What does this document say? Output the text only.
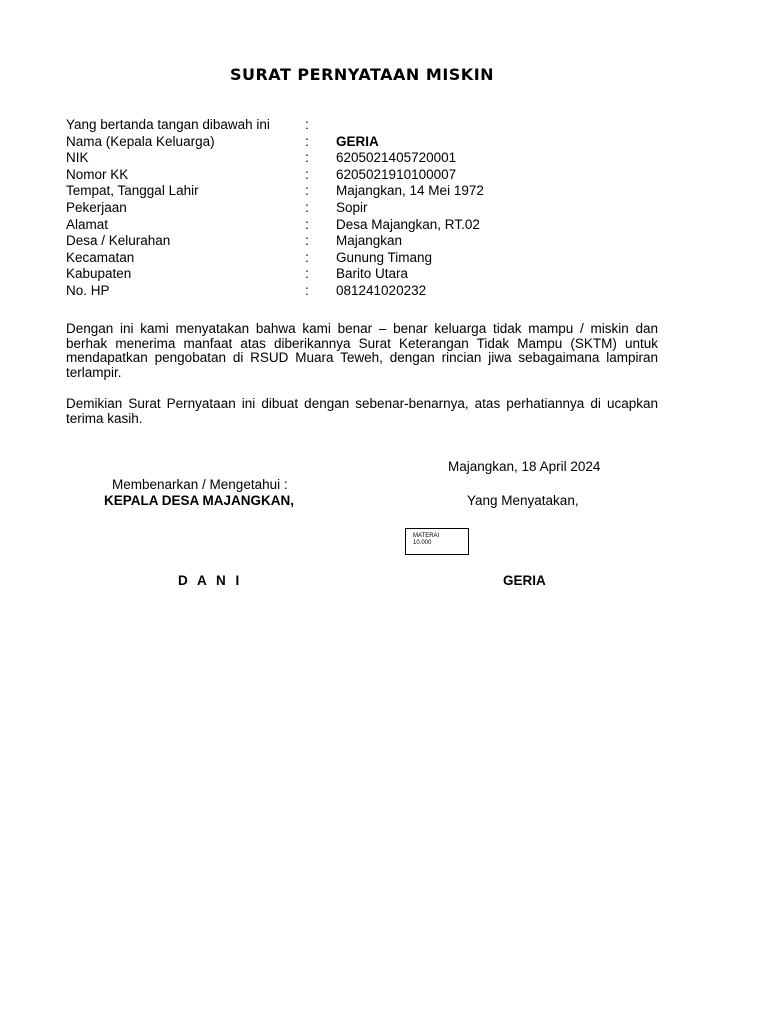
SURAT PERNYATAAN MISKIN
Yang bertanda tangan dibawah ini	:
Nama (Kepala Keluarga)	: GERIA
NIK	: 6205021405720001
Nomor KK	: 6205021910100007
Tempat, Tanggal Lahir	: Majangkan, 14 Mei 1972
Pekerjaan	: Sopir
Alamat	: Desa Majangkan, RT.02
Desa / Kelurahan	: Majangkan
Kecamatan	: Gunung Timang
Kabupaten	: Barito Utara
No. HP	: 081241020232
Dengan ini kami menyatakan bahwa kami benar – benar keluarga tidak mampu / miskin dan berhak menerima manfaat atas diberikannya Surat Keterangan Tidak Mampu (SKTM) untuk mendapatkan pengobatan di RSUD Muara Teweh, dengan rincian jiwa sebagaimana lampiran terlampir.
Demikian Surat Pernyataan ini dibuat dengan sebenar-benarnya, atas perhatiannya di ucapkan terima kasih.
Majangkan, 18 April 2024
Membenarkan / Mengetahui :
KEPALA DESA MAJANGKAN,	Yang Menyatakan,
MATERAI
10.000
D A N I	GERIA
